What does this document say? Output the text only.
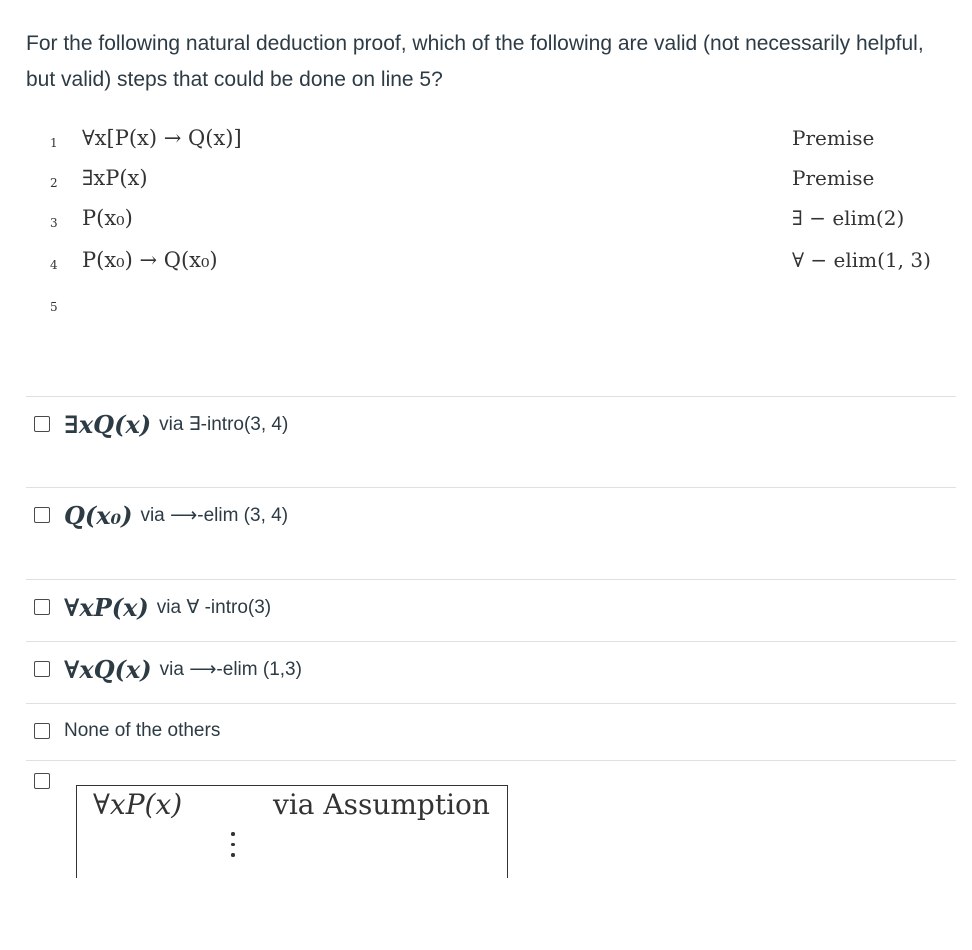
For the following natural deduction proof, which of the following are valid (not necessarily helpful, but valid) steps that could be done on line 5?
1 ∀x[P(x) → Q(x)]	Premise
2 ∃xP(x)	Premise
3 P(x₀)	∃ − elim(2)
4 P(x₀) → Q(x₀)	∀ − elim(1, 3)
5
∃xQ(x) via ∃-intro(3, 4)
Q(x₀) via ⟶-elim (3, 4)
∀xP(x) via ∀ -intro(3)
∀xQ(x) via ⟶-elim (1,3)
None of the others
∀xP(x)	via Assumption
